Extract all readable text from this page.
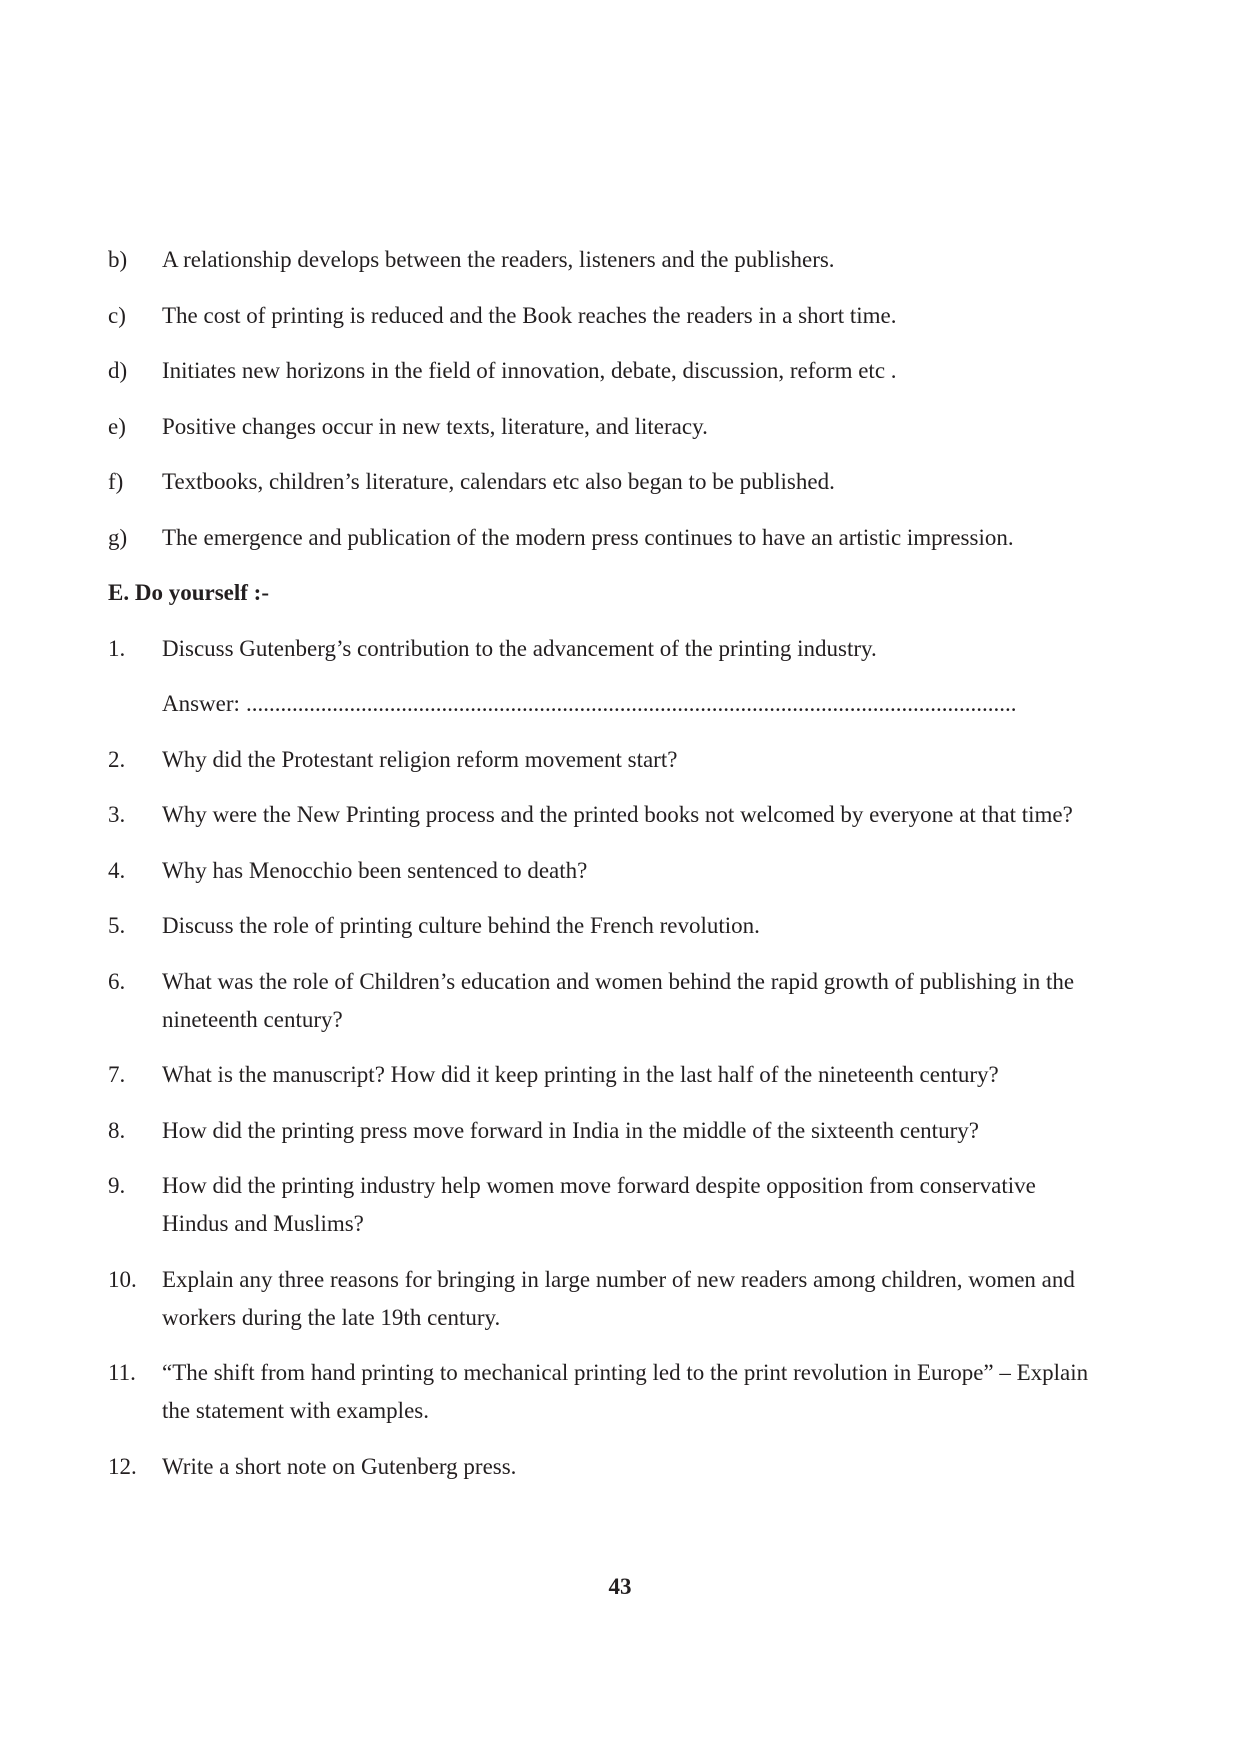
b)	A relationship develops between the readers, listeners and the publishers.
c)	The cost of printing is reduced and the Book reaches the readers in a short time.
d)	Initiates new horizons in the field of innovation, debate, discussion, reform etc .
e)	Positive changes occur in new texts, literature, and literacy.
f)	Textbooks, children’s literature, calendars etc also began to be published.
g)	The emergence and publication of the modern press continues to have an artistic impression.
E. Do yourself :-
1.	Discuss Gutenberg’s contribution to the advancement of the printing industry.
Answer: ......................................................................................................................................
2.	Why did the Protestant religion reform movement start?
3.	Why were the New Printing process and the printed books not welcomed by everyone at that time?
4.	Why has Menocchio been sentenced to death?
5.	Discuss the role of printing culture behind the French revolution.
6.	What was the role of Children’s education and women behind the rapid growth of publishing in the nineteenth century?
7.	What is the manuscript? How did it keep printing in the last half of the nineteenth century?
8.	How did the printing press move forward in India in the middle of the sixteenth century?
9.	How did the printing industry help women move forward despite opposition from conservative Hindus and Muslims?
10.	Explain any three reasons for bringing in large number of new readers among children, women and workers during the late 19th century.
11.	“The shift from hand printing to mechanical printing led to the print revolution in Europe” – Explain the statement with examples.
12.	Write a short note on Gutenberg press.
43
